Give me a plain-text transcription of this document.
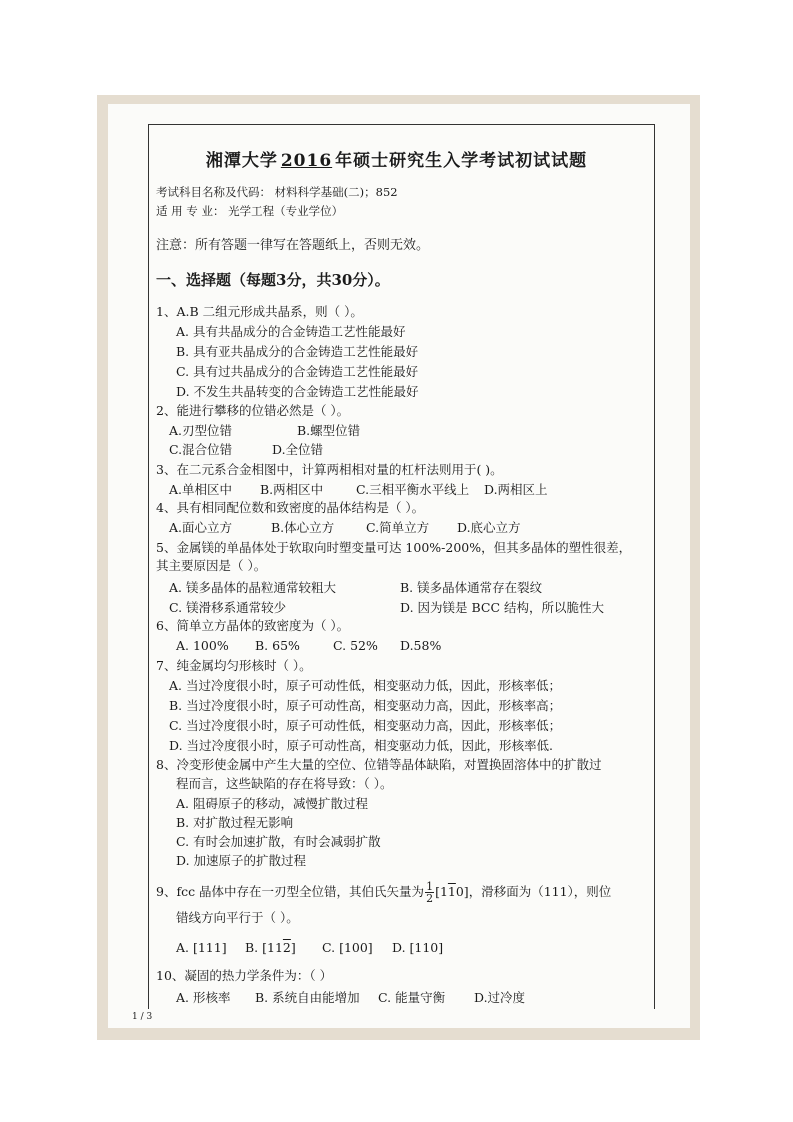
湘潭大学 2016 年硕士研究生入学考试初试试题
考试科目名称及代码： 材料科学基础(二)；852
适 用 专 业： 光学工程（专业学位）
注意：所有答题一律写在答题纸上，否则无效。
一、选择题（每题3分，共30分）。
1、A.B 二组元形成共晶系，则（ ）。
A. 具有共晶成分的合金铸造工艺性能最好
B. 具有亚共晶成分的合金铸造工艺性能最好
C. 具有过共晶成分的合金铸造工艺性能最好
D. 不发生共晶转变的合金铸造工艺性能最好
2、能进行攀移的位错必然是（ ）。
A.刃型位错	B.螺型位错
C.混合位错	D.全位错
3、在二元系合金相图中，计算两相相对量的杠杆法则用于( )。
A.单相区中 B.两相区中	C.三相平衡水平线上 D.两相区上
4、具有相同配位数和致密度的晶体结构是（ ）。
A.面心立方	B.体心立方	C.简单立方 D.底心立方
5、金属镁的单晶体处于软取向时塑变量可达 100%-200%，但其多晶体的塑性很差，
其主要原因是（ ）。
A. 镁多晶体的晶粒通常较粗大	B. 镁多晶体通常存在裂纹
C. 镁滑移系通常较少	D. 因为镁是 BCC 结构，所以脆性大
6、简单立方晶体的致密度为（ ）。
A. 100% B. 65%	C. 52% D.58%
7、纯金属均匀形核时（ ）。
A. 当过冷度很小时，原子可动性低，相变驱动力低，因此，形核率低；
B. 当过冷度很小时，原子可动性高，相变驱动力高，因此，形核率高；
C. 当过冷度很小时，原子可动性低，相变驱动力高，因此，形核率低；
D. 当过冷度很小时，原子可动性高，相变驱动力低，因此，形核率低.
8、冷变形使金属中产生大量的空位、位错等晶体缺陷，对置换固溶体中的扩散过
程而言，这些缺陷的存在将导致：（ ）。
A. 阻碍原子的移动，减慢扩散过程
B. 对扩散过程无影响
C. 有时会加速扩散，有时会减弱扩散
D. 加速原子的扩散过程
9、fcc 晶体中存在一刃型全位错，其伯氏矢量为 $\frac{1}{2} [110]$，滑移面为（111），则位
错线方向平行于（ ）。
A. [111] B. [112] C. [100] D. [110]
10、凝固的热力学条件为：（ ）
A. 形核率 B. 系统自由能增加 C. 能量守衡 D.过冷度
1 / 3
